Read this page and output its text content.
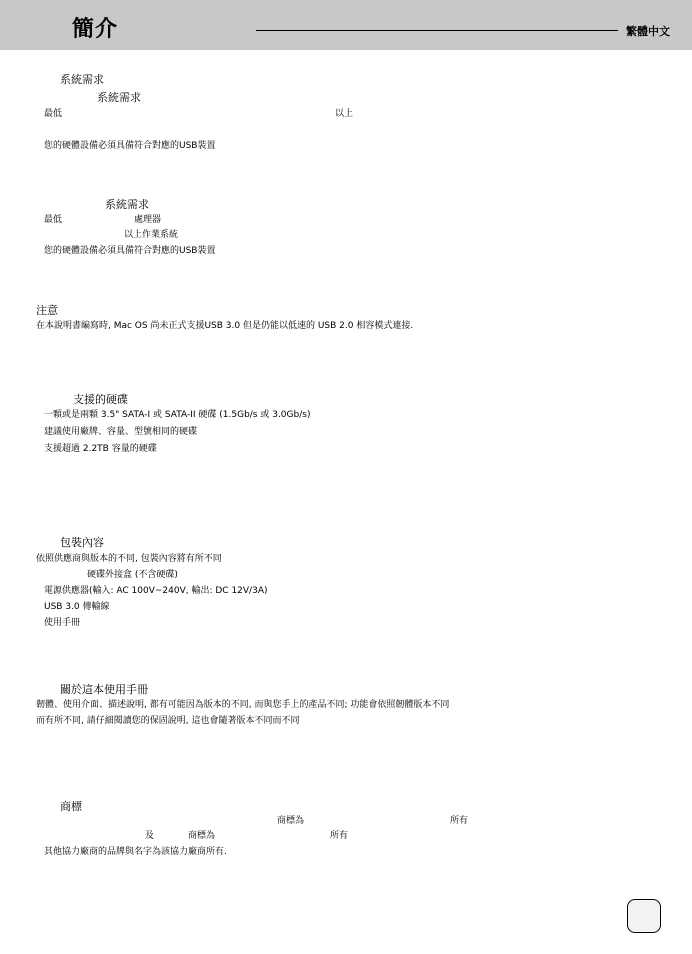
簡介	繁體中文
系統需求
系統需求
最低	以上
您的硬體設備必須具備符合對應的USB裝置
系統需求
最低	處理器
以上作業系統
您的硬體設備必須具備符合對應的USB裝置
注意
在本說明書編寫時, Mac OS 尚未正式支援USB 3.0 但是仍能以低速的 USB 2.0 相容模式連接.
支援的硬碟
一顆或是兩顆 3.5" SATA-I 或 SATA-II 硬碟 (1.5Gb/s 或 3.0Gb/s)
建議使用廠牌、容量、型號相同的硬碟
支援超過 2.2TB 容量的硬碟
包裝內容
依照供應商與版本的不同, 包裝內容將有所不同
硬碟外接盒 (不含硬碟)
電源供應器(輸入: AC 100V~240V, 輸出: DC 12V/3A)
USB 3.0 傳輸線
使用手冊
關於這本使用手冊
韌體、使用介面、描述說明, 都有可能因為版本的不同, 而與您手上的產品不同; 功能會依照韌體版本不同
而有所不同, 請仔細閱讀您的保固說明, 這也會隨著版本不同而不同
商標
商標為	所有
及	商標為	所有
其他協力廠商的品牌與名字為該協力廠商所有.
